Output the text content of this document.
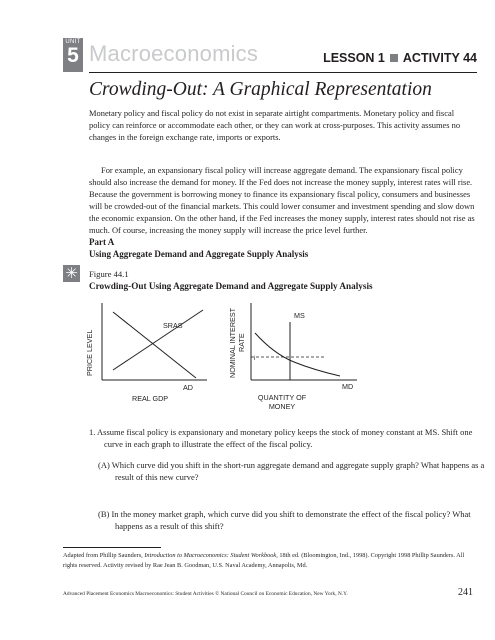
UNIT
5 Macroeconomics	LESSON 1 ACTIVITY 44
Crowding-Out: A Graphical Representation

Monetary policy and fiscal policy do not exist in separate airtight compartments. Monetary policy and fiscal policy can reinforce or accommodate each other, or they can work at cross-purposes. This activity assumes no changes in the foreign exchange rate, imports or exports.

For example, an expansionary fiscal policy will increase aggregate demand. The expansionary fiscal policy should also increase the demand for money. If the Fed does not increase the money supply, interest rates will rise. Because the government is borrowing money to finance its expansionary fiscal policy, consumers and businesses will be crowded-out of the financial markets. This could lower consumer and investment spending and slow down the economic expansion. On the other hand, if the Fed increases the money supply, interest rates should not rise as much. Of course, increasing the money supply will increase the price level further.

Part A
Using Aggregate Demand and Aggregate Supply Analysis
✳ Figure 44.1
Crowding-Out Using Aggregate Demand and Aggregate Supply Analysis
PRICE LEVEL
SRAS
AD
REAL GDP
NOMINAL INTEREST RATE
i
MS
MD
QUANTITY OF
MONEY

1. Assume fiscal policy is expansionary and monetary policy keeps the stock of money constant at MS. Shift one curve in each graph to illustrate the effect of the fiscal policy.

(A) Which curve did you shift in the short-run aggregate demand and aggregate supply graph? What happens as a result of this new curve?

(B) In the money market graph, which curve did you shift to demonstrate the effect of the fiscal policy? What happens as a result of this shift?

Adapted from Phillip Saunders, Introduction to Macroeconomics: Student Workbook, 18th ed. (Bloomington, Ind., 1998). Copyright 1998 Phillip Saunders. All rights reserved. Activity revised by Rae Jean B. Goodman, U.S. Naval Academy, Annapolis, Md.
Advanced Placement Economics Macroeconomics: Student Activities © National Council on Economic Education, New York, N.Y.	241
